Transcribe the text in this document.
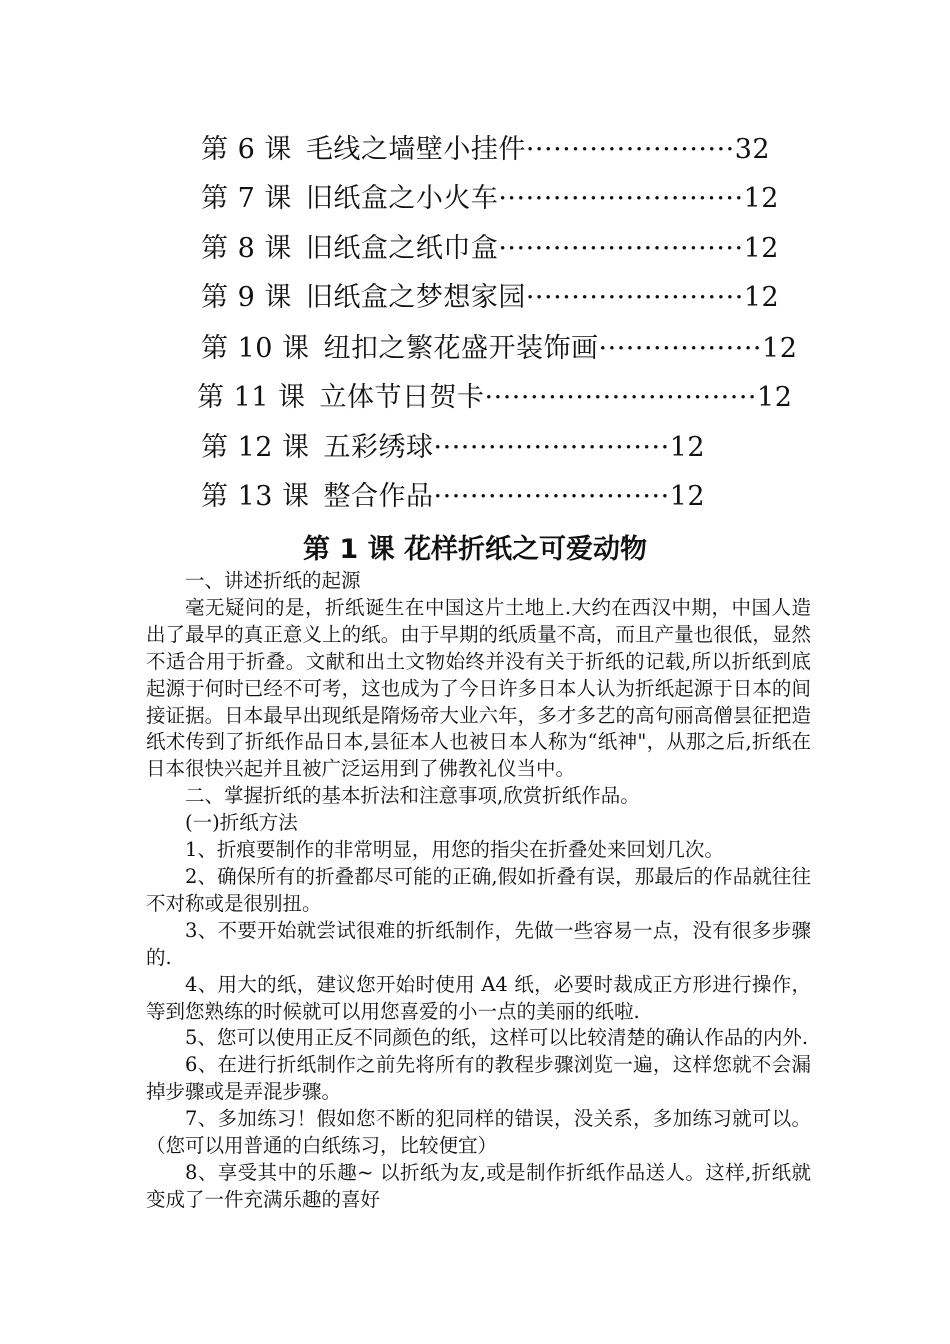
第 6 课 毛线之墙壁小挂件·······················32
第 7 课 旧纸盒之小火车···························12
第 8 课 旧纸盒之纸巾盒···························12
第 9 课 旧纸盒之梦想家园························12
第 10 课 纽扣之繁花盛开装饰画··················12
第 11 课 立体节日贺卡······························12
第 12 课 五彩绣球··························12
第 13 课 整合作品··························12
第 1 课 花样折纸之可爱动物

一、讲述折纸的起源

毫无疑问的是，折纸诞生在中国这片土地上.大约在西汉中期，中国人造出了最早的真正意义上的纸。由于早期的纸质量不高，而且产量也很低，显然不适合用于折叠。文献和出土文物始终并没有关于折纸的记载,所以折纸到底起源于何时已经不可考，这也成为了今日许多日本人认为折纸起源于日本的间接证据。日本最早出现纸是隋炀帝大业六年，多才多艺的高句丽高僧昙征把造纸术传到了折纸作品日本,昙征本人也被日本人称为“纸神"，从那之后,折纸在日本很快兴起并且被广泛运用到了佛教礼仪当中。

二、掌握折纸的基本折法和注意事项,欣赏折纸作品。

(一)折纸方法

1、折痕要制作的非常明显，用您的指尖在折叠处来回划几次。

2、确保所有的折叠都尽可能的正确,假如折叠有误，那最后的作品就往往不对称或是很别扭。

3、不要开始就尝试很难的折纸制作，先做一些容易一点，没有很多步骤的.

4、用大的纸，建议您开始时使用 A4 纸，必要时裁成正方形进行操作，等到您熟练的时候就可以用您喜爱的小一点的美丽的纸啦.

5、您可以使用正反不同颜色的纸，这样可以比较清楚的确认作品的内外.

6、在进行折纸制作之前先将所有的教程步骤浏览一遍，这样您就不会漏掉步骤或是弄混步骤。

7、多加练习！假如您不断的犯同样的错误，没关系，多加练习就可以。（您可以用普通的白纸练习，比较便宜）

8、享受其中的乐趣~ 以折纸为友,或是制作折纸作品送人。这样,折纸就变成了一件充满乐趣的喜好
